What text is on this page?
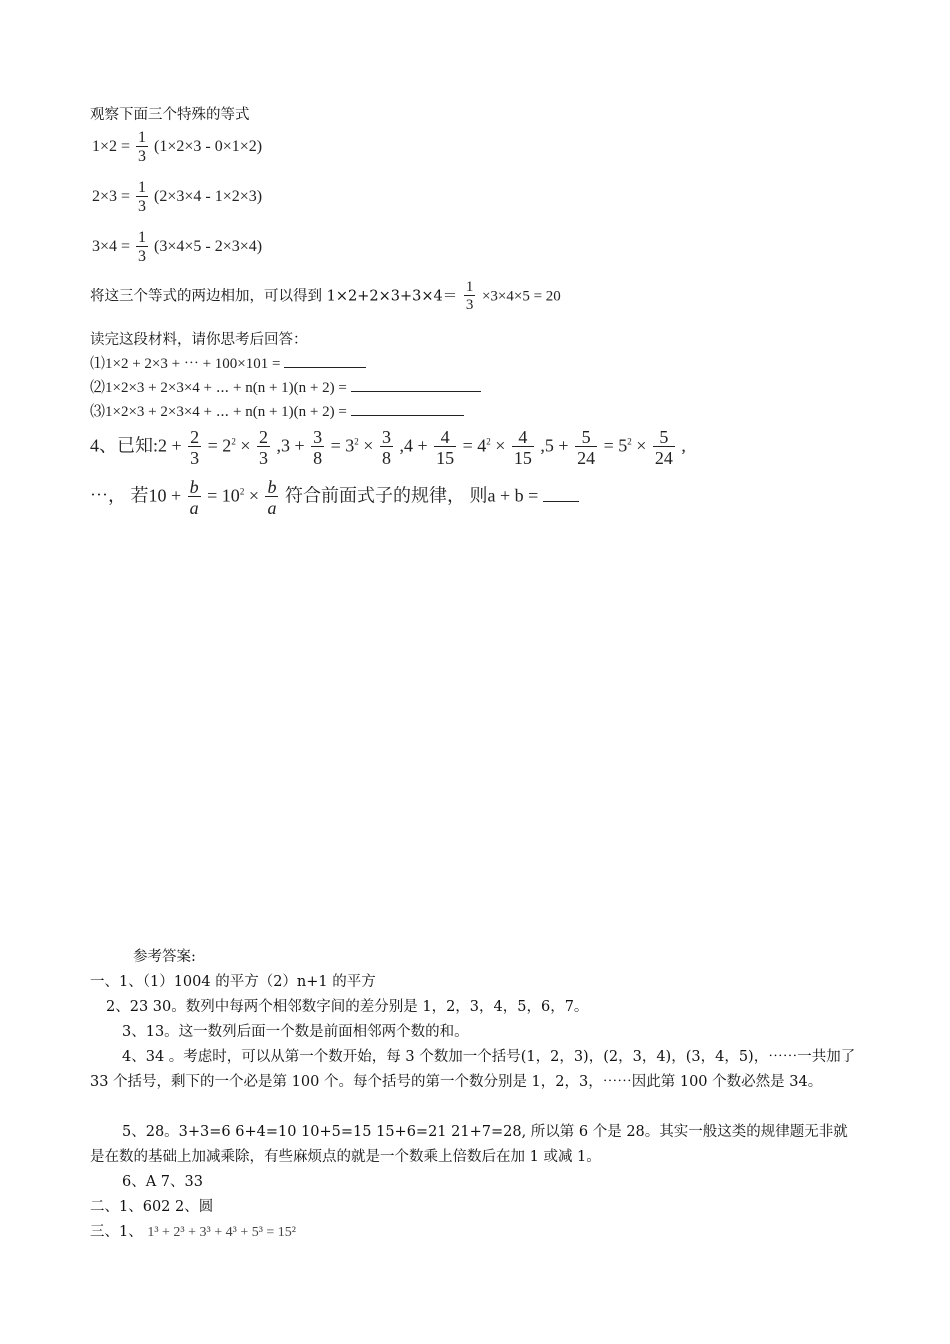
观察下面三个特殊的等式
$1\times 2 = \frac{1}{3} (1\times 2\times 3 - 0\times 1\times 2)$
$2\times 3 = \frac{1}{3} (2\times 3\times 4 - 1\times 2\times 3)$
$3\times 4 = \frac{1}{3} (3\times 4\times 5 - 2\times 3\times 4)$
将这三个等式的两边相加，可以得到 $1\times 2+2\times 3+3\times 4= \frac{1}{3} \times 3\times 4\times 5 = 20$
读完这段材料，请你思考后回答：
⑴1×2 + 2×3 + ⋯ + 100×101 =
⑵1×2×3 + 2×3×4 + ⋯ + n(n + 1)(n + 2) =
⑶1×2×3 + 2×3×4 + ⋯ + n(n + 1)(n + 2) =
4、已知:2 + $\frac{2}{3} = 2^2 \times \frac{2}{3} ,3 + \frac{3}{8} = 3^2 \times \frac{3}{8} ,4 + \frac{4}{15} = 4^2 \times \frac{4}{15} ,5 + \frac{5}{24} = 5^2 \times \frac{5}{24}$ ,
⋯， 若$10 + \frac{b}{a} = 10^2 \times \frac{b}{a}$ 符合前面式子的规律， 则a + b =
参考答案:
一、1、（1）1004 的平方（2）n+1 的平方
2、23 30。数列中每两个相邻数字间的差分别是 1，2，3，4，5，6，7。
3、13。这一数列后面一个数是前面相邻两个数的和。
4、34 。考虑时，可以从第一个数开始，每 3 个数加一个括号(1，2，3)，(2，3，4)，(3，4，5)，⋯⋯一共加了 33 个括号，剩下的一个必是第 100 个。每个括号的第一个数分别是 1，2，3，⋯⋯因此第 100 个数必然是 34。
5、28。3+3=6 6+4=10 10+5=15 15+6=21 21+7=28, 所以第 6 个是 28。其实一般这类的规律题无非就是在数的基础上加减乘除，有些麻烦点的就是一个数乘上倍数后在加 1 或减 1。
6、A 7、33
二、1、602 2、圆
三、1、 1³ + 2³ + 3³ + 4³ + 5³ = 15²
